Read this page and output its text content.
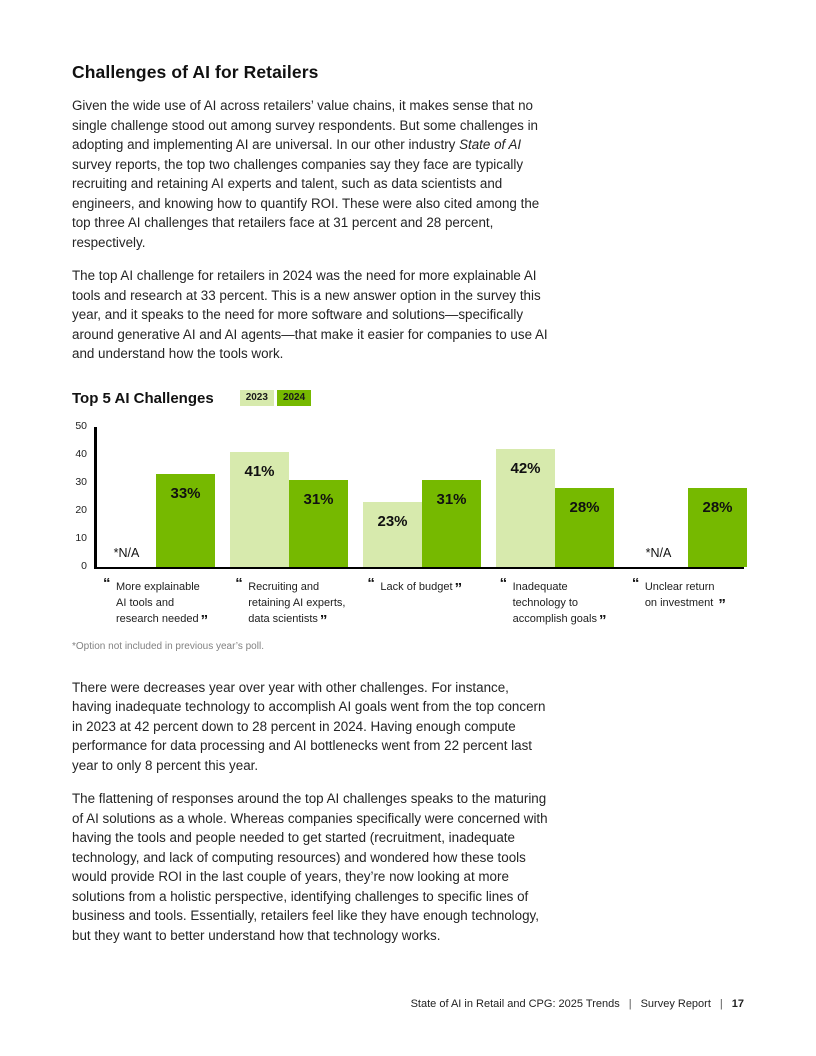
Challenges of AI for Retailers

Given the wide use of AI across retailers’ value chains, it makes sense that no single challenge stood out among survey respondents. But some challenges in adopting and implementing AI are universal. In our other industry State of AI survey reports, the top two challenges companies say they face are typically recruiting and retaining AI experts and talent, such as data scientists and engineers, and knowing how to quantify ROI. These were also cited among the top three AI challenges that retailers face at 31 percent and 28 percent, respectively.

The top AI challenge for retailers in 2024 was the need for more explainable AI tools and research at 33 percent. This is a new answer option in the survey this year, and it speaks to the need for more software and solutions—specifically around generative AI and AI agents—that make it easier for companies to use AI and understand how the tools work.

Top 5 AI Challenges	2023	2024
0
10
20
30
40
50
*N/A
33%
41%
31%
23%
31%
42%
28%
*N/A
28%
“ More explainable
AI tools and
research needed ”
“ Recruiting and
retaining AI experts,
data scientists ”
“ Lack of budget ”	“ Inadequate
technology to
accomplish goals ”
“ Unclear return
on investment ”
*Option not included in previous year’s poll.

There were decreases year over year with other challenges. For instance, having inadequate technology to accomplish AI goals went from the top concern in 2023 at 42 percent down to 28 percent in 2024. Having enough compute performance for data processing and AI bottlenecks went from 22 percent last year to only 8 percent this year.

The flattening of responses around the top AI challenges speaks to the maturing of AI solutions as a whole. Whereas companies specifically were concerned with having the tools and people needed to get started (recruitment, inadequate technology, and lack of computing resources) and wondered how these tools would provide ROI in the last couple of years, they’re now looking at more solutions from a holistic perspective, identifying challenges to specific lines of business and tools. Essentially, retailers feel like they have enough technology, but they want to better understand how that technology works.

State of AI in Retail and CPG: 2025 Trends | Survey Report | 17
